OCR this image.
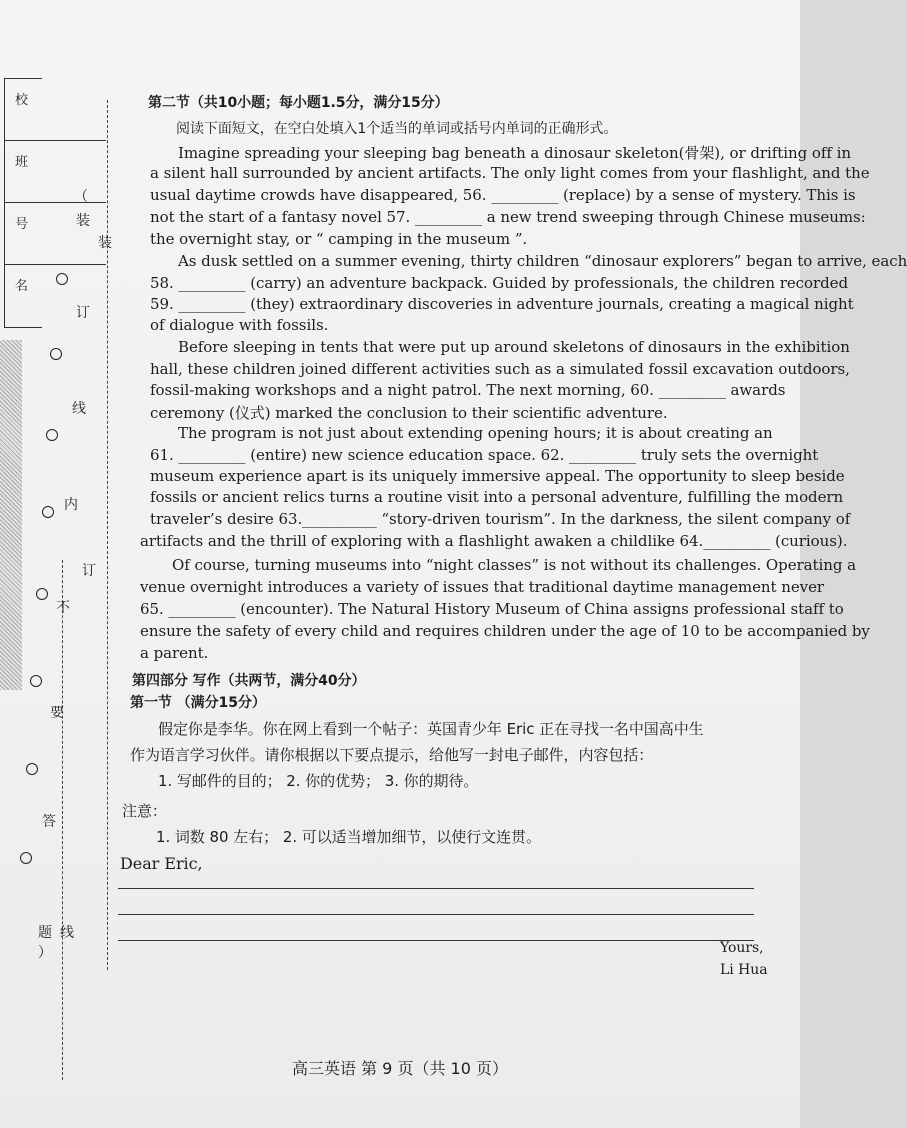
校
班
号
名
（
装
装
订
线
内
订
不
要
答
题 线
）
第二节（共10小题；每小题1.5分，满分15分）
阅读下面短文，在空白处填入1个适当的单词或括号内单词的正确形式。
Imagine spreading your sleeping bag beneath a dinosaur skeleton(骨架), or drifting off in
a silent hall surrounded by ancient artifacts. The only light comes from your flashlight, and the
usual daytime crowds have disappeared, 56. _________ (replace) by a sense of mystery. This is
not the start of a fantasy novel 57. _________ a new trend sweeping through Chinese museums:
the overnight stay, or “ camping in the museum ”.
As dusk settled on a summer evening, thirty children “dinosaur explorers” began to arrive, each
58. _________ (carry) an adventure backpack. Guided by professionals, the children recorded
59. _________ (they) extraordinary discoveries in adventure journals, creating a magical night
of dialogue with fossils.
Before sleeping in tents that were put up around skeletons of dinosaurs in the exhibition
hall, these children joined different activities such as a simulated fossil excavation outdoors,
fossil-making workshops and a night patrol. The next morning, 60. _________ awards
ceremony (仪式) marked the conclusion to their scientific adventure.
The program is not just about extending opening hours; it is about creating an
61. _________ (entire) new science education space. 62. _________ truly sets the overnight
museum experience apart is its uniquely immersive appeal. The opportunity to sleep beside
fossils or ancient relics turns a routine visit into a personal adventure, fulfilling the modern
traveler’s desire 63.__________ “story-driven tourism”. In the darkness, the silent company of
artifacts and the thrill of exploring with a flashlight awaken a childlike 64._________ (curious).
Of course, turning museums into “night classes” is not without its challenges. Operating a
venue overnight introduces a variety of issues that traditional daytime management never
65. _________ (encounter). The Natural History Museum of China assigns professional staff to
ensure the safety of every child and requires children under the age of 10 to be accompanied by
a parent.
第四部分 写作（共两节，满分40分）
第一节 （满分15分）
假定你是李华。你在网上看到一个帖子：英国青少年 Eric 正在寻找一名中国高中生
作为语言学习伙伴。请你根据以下要点提示，给他写一封电子邮件，内容包括：
1. 写邮件的目的； 2. 你的优势； 3. 你的期待。
注意：
1. 词数 80 左右； 2. 可以适当增加细节，以使行文连贯。
Dear Eric,
Yours,
Li Hua
高三英语 第 9 页（共 10 页）
